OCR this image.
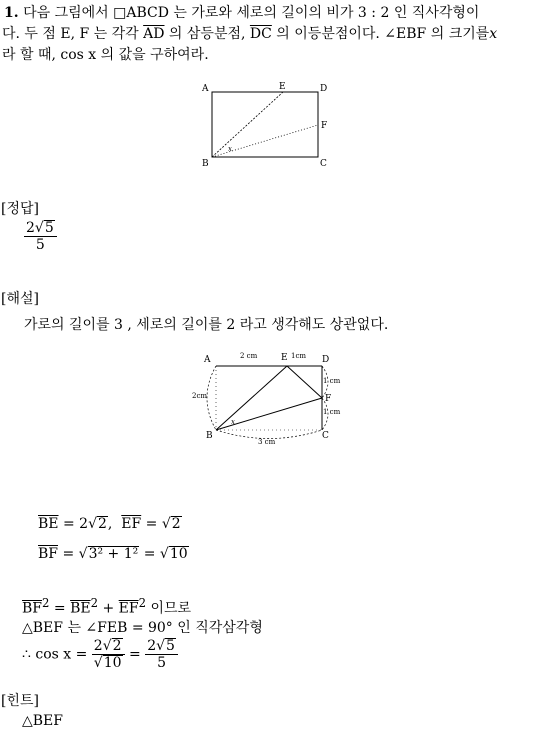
1. 다음 그림에서 □ABCD 는 가로와 세로의 길이의 비가 3 : 2 인 직사각형이
다. 두 점 E, F 는 각각 $\overline{AD}$ 의 삼등분점, $\overline{DC}$ 의 이등분점이다. ∠EBF 의 크기를x
라 할 때, cos x 의 값을 구하여라.
A
B	C
D
E
F
x
[정답]
$\frac{2√5}{5}$
[해설]
가로의 길이를 3 , 세로의 길이를 2 라고 생각해도 상관없다.
A
B	C
D
E
F
x
2 cm	1cm
1 cm
1 cm
2cm
3 cm
$\overline{BE} = 2√2$,  $\overline{EF} = √2$
$\overline{BF} = √3^2 + 1^2 = √10$
$\overline{BF}^2 = \overline{BE}^2 + \overline{EF}^2$ 이므로
△BEF 는 ∠FEB = 90° 인 직각삼각형
∴ $\cos x = \frac{2√2}{√10} = \frac{2√5}{5}$
[힌트]
△BEF
